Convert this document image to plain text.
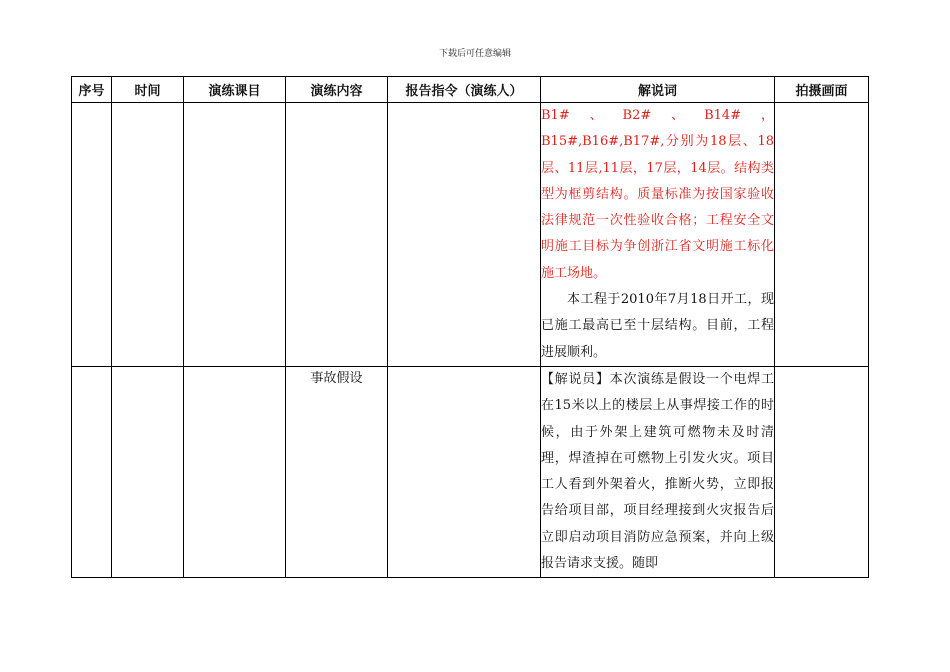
下载后可任意编辑
序号	时间	演练课目	演练内容	报告指令（演练人）	解说词	拍摄画面

					B1#、B2#、B14#，B15#,B16#,B17#,分别为18层、18层、11层,11层，17层，14层。结构类型为框剪结构。质量标准为按国家验收法律规范一次性验收合格；工程安全文明施工目标为争创浙江省文明施工标化施工场地。

本工程于2010年7月18日开工，现已施工最高已至十层结构。目前，工程进展顺利。	

			事故假设		【解说员】本次演练是假设一个电焊工在15米以上的楼层上从事焊接工作的时候，由于外架上建筑可燃物未及时清理，焊渣掉在可燃物上引发火灾。项目工人看到外架着火，推断火势，立即报告给项目部，项目经理接到火灾报告后立即启动项目消防应急预案，并向上级报告请求支援。随即	
